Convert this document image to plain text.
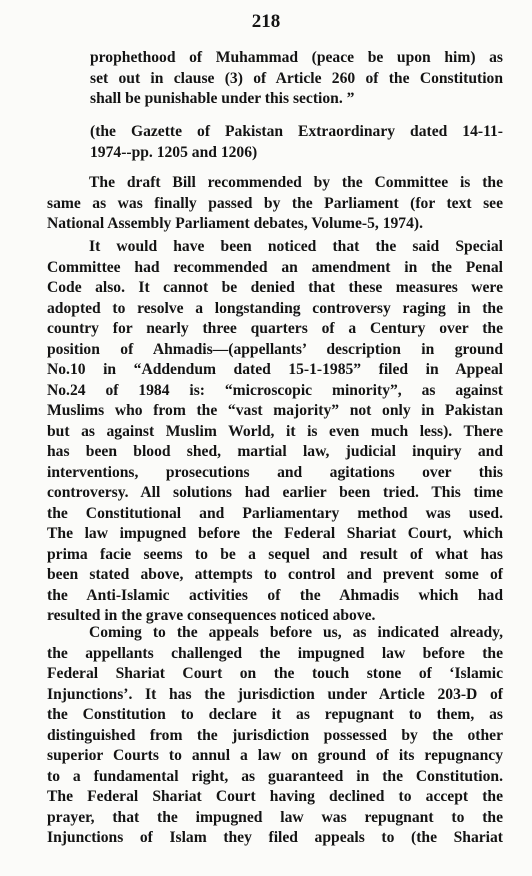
218

prophethood of Muhammad (peace be upon him) as
set out in clause (3) of Article 260 of the Constitution
shall be punishable under this section. ”

(the Gazette of Pakistan Extraordinary dated 14-11-
1974--pp. 1205 and 1206)

The draft Bill recommended by the Committee is the
same as was finally passed by the Parliament (for text see
National Assembly Parliament debates, Volume-5, 1974).

It would have been noticed that the said Special
Committee had recommended an amendment in the Penal
Code also. It cannot be denied that these measures were
adopted to resolve a longstanding controversy raging in the
country for nearly three quarters of a Century over the
position of Ahmadis—(appellants’ description in ground
No.10 in “Addendum dated 15-1-1985” filed in Appeal
No.24 of 1984 is: “microscopic minority”, as against
Muslims who from the “vast majority” not only in Pakistan
but as against Muslim World, it is even much less). There
has been blood shed, martial law, judicial inquiry and
interventions, prosecutions and agitations over this
controversy. All solutions had earlier been tried. This time
the Constitutional and Parliamentary method was used.
The law impugned before the Federal Shariat Court, which
prima facie seems to be a sequel and result of what has
been stated above, attempts to control and prevent some of
the Anti-Islamic activities of the Ahmadis which had
resulted in the grave consequences noticed above.

Coming to the appeals before us, as indicated already,
the appellants challenged the impugned law before the
Federal Shariat Court on the touch stone of ‘Islamic
Injunctions’. It has the jurisdiction under Article 203-D of
the Constitution to declare it as repugnant to them, as
distinguished from the jurisdiction possessed by the other
superior Courts to annul a law on ground of its repugnancy
to a fundamental right, as guaranteed in the Constitution.
The Federal Shariat Court having declined to accept the
prayer, that the impugned law was repugnant to the
Injunctions of Islam they filed appeals to (the Shariat
